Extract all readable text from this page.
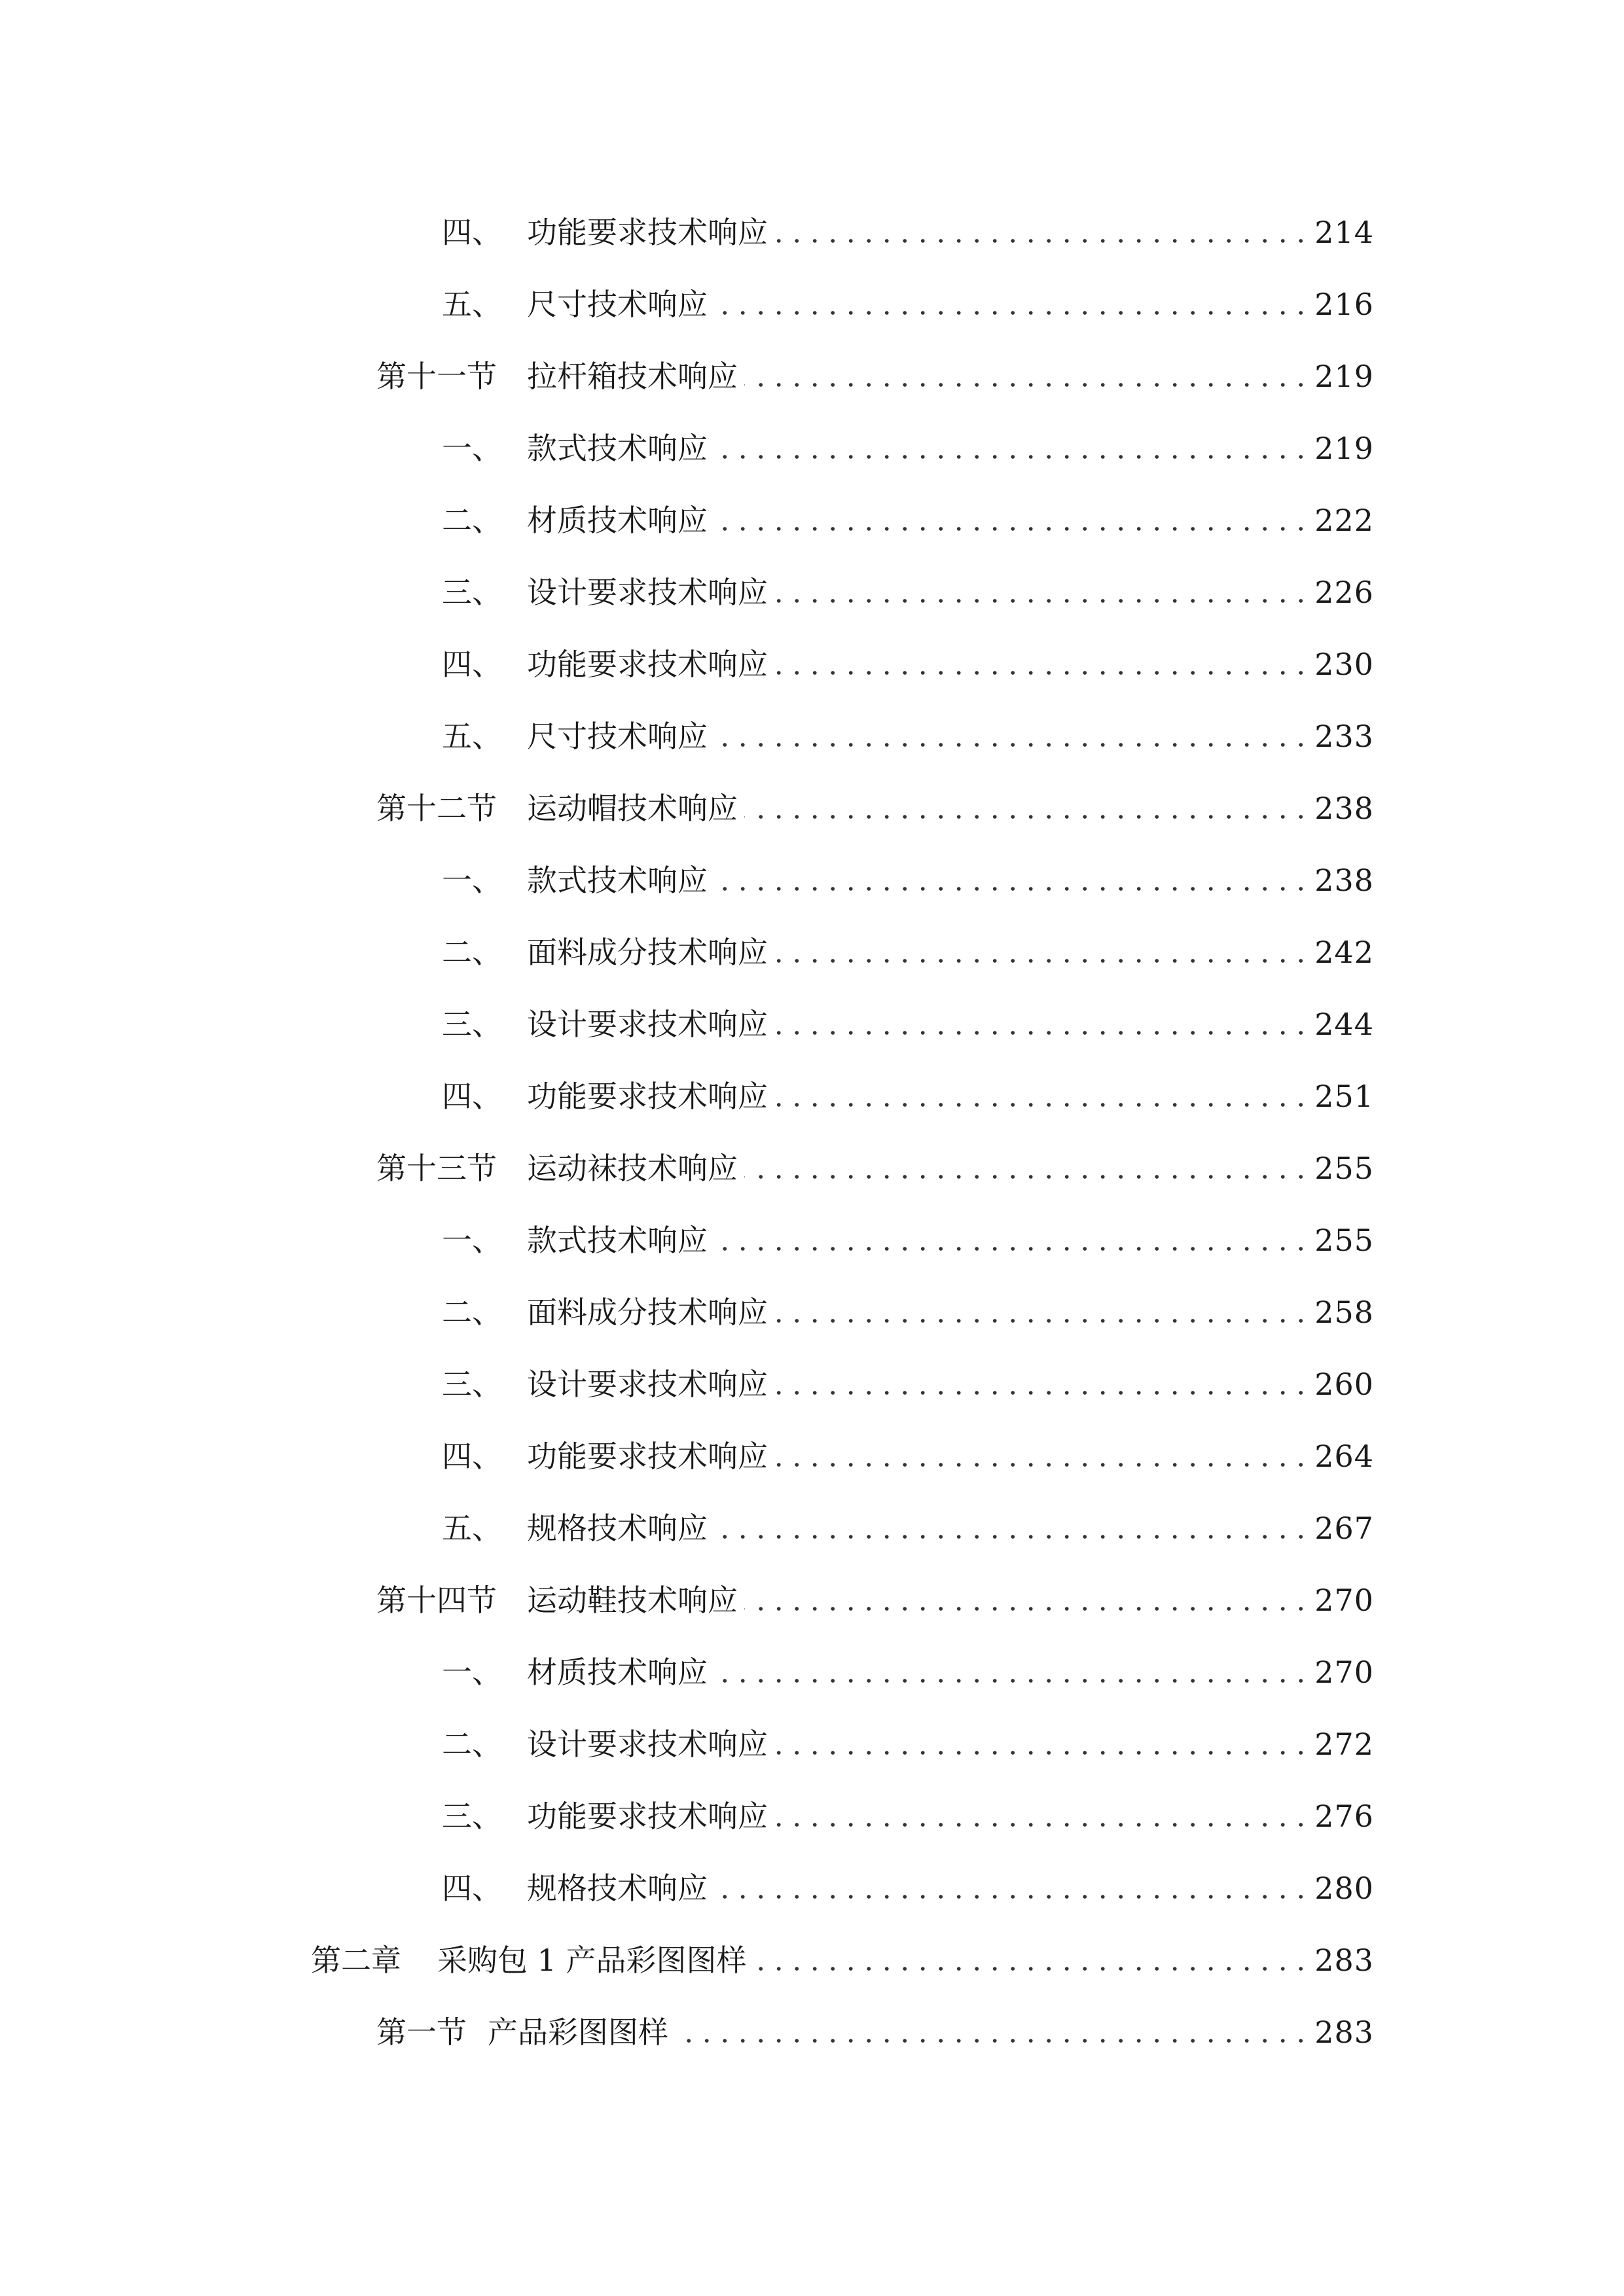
四、 功能要求技术响应	214
五、 尺寸技术响应	216
第十一节 拉杆箱技术响应	219
一、 款式技术响应	219
二、 材质技术响应	222
三、 设计要求技术响应	226
四、 功能要求技术响应	230
五、 尺寸技术响应	233
第十二节 运动帽技术响应	238
一、 款式技术响应	238
二、 面料成分技术响应	242
三、 设计要求技术响应	244
四、 功能要求技术响应	251
第十三节 运动袜技术响应	255
一、 款式技术响应	255
二、 面料成分技术响应	258
三、 设计要求技术响应	260
四、 功能要求技术响应	264
五、 规格技术响应	267
第十四节 运动鞋技术响应	270
一、 材质技术响应	270
二、 设计要求技术响应	272
三、 功能要求技术响应	276
四、 规格技术响应	280
第二章 采购包 1 产品彩图图样	283
第一节 产品彩图图样	283
